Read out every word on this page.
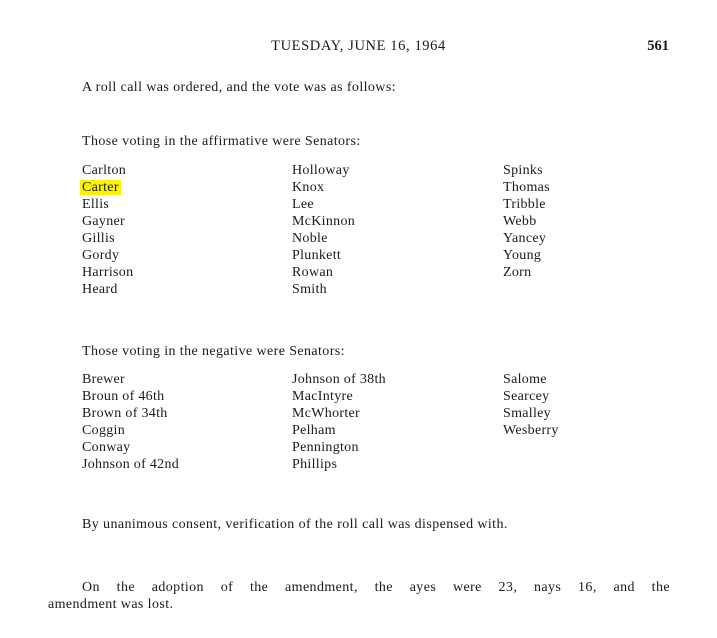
TUESDAY, JUNE 16, 1964	561
A roll call was ordered, and the vote was as follows:
Those voting in the affirmative were Senators:
Carlton
Carter
Ellis
Gayner
Gillis
Gordy
Harrison
Heard
Holloway
Knox
Lee
McKinnon
Noble
Plunkett
Rowan
Smith
Spinks
Thomas
Tribble
Webb
Yancey
Young
Zorn
Those voting in the negative were Senators:
Brewer
Broun of 46th
Brown of 34th
Coggin
Conway
Johnson of 42nd
Johnson of 38th
MacIntyre
McWhorter
Pelham
Pennington
Phillips
Salome
Searcey
Smalley
Wesberry
By unanimous consent, verification of the roll call was dispensed with.
On the adoption of the amendment, the ayes were 23, nays 16, and the
amendment was lost.
